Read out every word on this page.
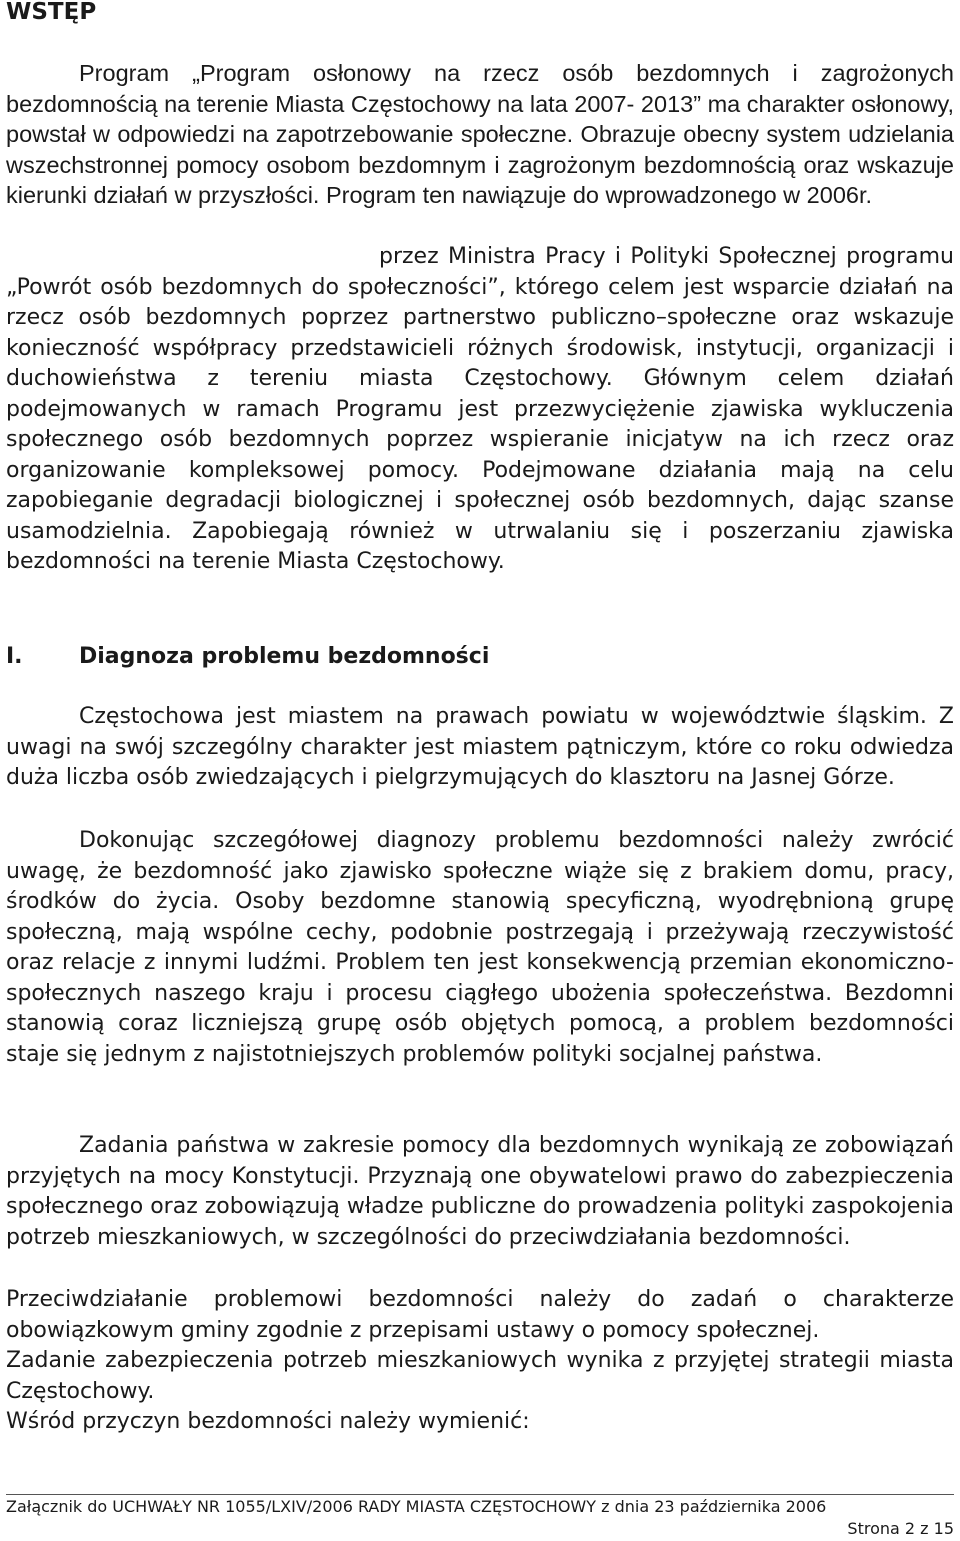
WSTĘP

Program „Program osłonowy na rzecz osób bezdomnych i zagrożonych bezdomnością na terenie Miasta Częstochowy na lata 2007- 2013” ma charakter osłonowy, powstał w odpowiedzi na zapotrzebowanie społeczne. Obrazuje obecny system udzielania wszechstronnej pomocy osobom bezdomnym i zagrożonym bezdomnością oraz wskazuje kierunki działań w przyszłości. Program ten nawiązuje do wprowadzonego w 2006r.

przez Ministra Pracy i Polityki Społecznej programu „Powrót osób bezdomnych do społeczności”, którego celem jest wsparcie działań na rzecz osób bezdomnych poprzez partnerstwo publiczno–społeczne oraz wskazuje konieczność współpracy przedstawicieli różnych środowisk, instytucji, organizacji i duchowieństwa z tereniu miasta Częstochowy. Głównym celem działań podejmowanych w ramach Programu jest przezwyciężenie zjawiska wykluczenia społecznego osób bezdomnych poprzez wspieranie inicjatyw na ich rzecz oraz organizowanie kompleksowej pomocy. Podejmowane działania mają na celu zapobieganie degradacji biologicznej i społecznej osób bezdomnych, dając szanse usamodzielnia. Zapobiegają również w utrwalaniu się i poszerzaniu zjawiska bezdomności na terenie Miasta Częstochowy.

I.	Diagnoza problemu bezdomności

Częstochowa jest miastem na prawach powiatu w województwie śląskim. Z uwagi na swój szczególny charakter jest miastem pątniczym, które co roku odwiedza duża liczba osób zwiedzających i pielgrzymujących do klasztoru na Jasnej Górze.

Dokonując szczegółowej diagnozy problemu bezdomności należy zwrócić uwagę, że bezdomność jako zjawisko społeczne wiąże się z brakiem domu, pracy, środków do życia. Osoby bezdomne stanowią specyficzną, wyodrębnioną grupę społeczną, mają wspólne cechy, podobnie postrzegają i przeżywają rzeczywistość oraz relacje z innymi ludźmi. Problem ten jest konsekwencją przemian ekonomiczno-społecznych naszego kraju i procesu ciągłego ubożenia społeczeństwa. Bezdomni stanowią coraz liczniejszą grupę osób objętych pomocą, a problem bezdomności staje się jednym z najistotniejszych problemów polityki socjalnej państwa.

Zadania państwa w zakresie pomocy dla bezdomnych wynikają ze zobowiązań przyjętych na mocy Konstytucji. Przyznają one obywatelowi prawo do zabezpieczenia społecznego oraz zobowiązują władze publiczne do prowadzenia polityki zaspokojenia potrzeb mieszkaniowych, w szczególności do przeciwdziałania bezdomności.

Przeciwdziałanie problemowi bezdomności należy do zadań o charakterze obowiązkowym gminy zgodnie z przepisami ustawy o pomocy społecznej.

Zadanie zabezpieczenia potrzeb mieszkaniowych wynika z przyjętej strategii miasta Częstochowy.

Wśród przyczyn bezdomności należy wymienić:

Załącznik do UCHWAŁY NR 1055/LXIV/2006 RADY MIASTA CZĘSTOCHOWY z dnia 23 października 2006
Strona 2 z 15
